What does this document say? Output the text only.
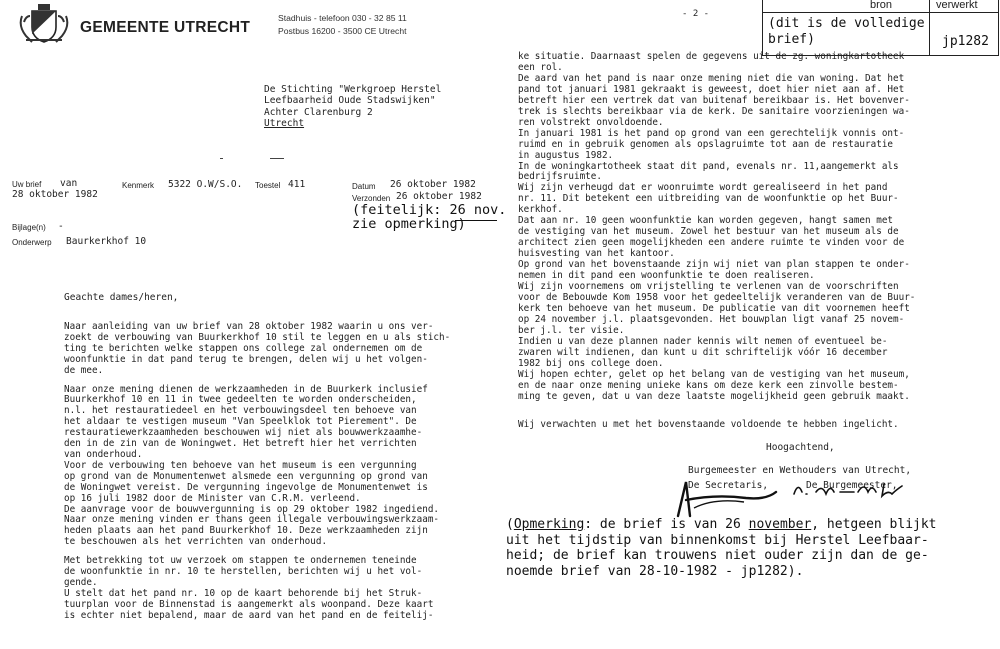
GEMEENTE UTRECHT
Stadhuis - telefoon 030 - 32 85 11
Postbus 16200 - 3500 CE Utrecht
- 2 -
bron	verwerkt
(dit is de volledige
brief)	jp1282
De Stichting "Werkgroep Herstel
Leefbaarheid Oude Stadswijken"
Achter Clarenburg 2
Utrecht
Uw brief van
28 oktober 1982
Kenmerk 5322 O.W/S.O. Toestel 411	Datum 26 oktober 1982
Verzonden 26 oktober 1982
(feitelijk: 26 nov.
zie opmerking)
Bijlage(n) -
Onderwerp Baurkerkhof 10
Geachte dames/heren,
Naar aanleiding van uw brief van 28 oktober 1982 waarin u ons ver-
zoekt de verbouwing van Buurkerkhof 10 stil te leggen en u als stich-
ting te berichten welke stappen ons college zal ondernemen om de
woonfunktie in dat pand terug te brengen, delen wij u het volgen-
de mee.
Naar onze mening dienen de werkzaamheden in de Buurkerk inclusief
Buurkerkhof 10 en 11 in twee gedeelten te worden onderscheiden,
n.l. het restauratiedeel en het verbouwingsdeel ten behoeve van
het aldaar te vestigen museum "Van Speelklok tot Pierement". De
restauratiewerkzaamheden beschouwen wij niet als bouwwerkzaamhe-
den in de zin van de Woningwet. Het betreft hier het verrichten
van onderhoud.
Voor de verbouwing ten behoeve van het museum is een vergunning
op grond van de Monumentenwet alsmede een vergunning op grond van
de Woningwet vereist. De vergunning ingevolge de Monumentenwet is
op 16 juli 1982 door de Minister van C.R.M. verleend.
De aanvrage voor de bouwvergunning is op 29 oktober 1982 ingediend.
Naar onze mening vinden er thans geen illegale verbouwingswerkzaam-
heden plaats aan het pand Buurkerkhof 10. Deze werkzaamheden zijn
te beschouwen als het verrichten van onderhoud.
Met betrekking tot uw verzoek om stappen te ondernemen teneinde
de woonfunktie in nr. 10 te herstellen, berichten wij u het vol-
gende.
U stelt dat het pand nr. 10 op de kaart behorende bij het Struk-
tuurplan voor de Binnenstad is aangemerkt als woonpand. Deze kaart
is echter niet bepalend, maar de aard van het pand en de feitelij-
ke situatie. Daarnaast spelen de gegevens uit de zg. woningkartotheek
een rol.
De aard van het pand is naar onze mening niet die van woning. Dat het
pand tot januari 1981 gekraakt is geweest, doet hier niet aan af. Het
betreft hier een vertrek dat van buitenaf bereikbaar is. Het bovenver-
trek is slechts bereikbaar via de kerk. De sanitaire voorzieningen wa-
ren volstrekt onvoldoende.
In januari 1981 is het pand op grond van een gerechtelijk vonnis ont-
ruimd en in gebruik genomen als opslagruimte tot aan de restauratie
in augustus 1982.
In de woningkartotheek staat dit pand, evenals nr. 11,aangemerkt als
bedrijfsruimte.
Wij zijn verheugd dat er woonruimte wordt gerealiseerd in het pand
nr. 11. Dit betekent een uitbreiding van de woonfunktie op het Buur-
kerkhof.
Dat aan nr. 10 geen woonfunktie kan worden gegeven, hangt samen met
de vestiging van het museum. Zowel het bestuur van het museum als de
architect zien geen mogelijkheden een andere ruimte te vinden voor de
huisvesting van het kantoor.
Op grond van het bovenstaande zijn wij niet van plan stappen te onder-
nemen in dit pand een woonfunktie te doen realiseren.
Wij zijn voornemens om vrijstelling te verlenen van de voorschriften
voor de Bebouwde Kom 1958 voor het gedeeltelijk veranderen van de Buur-
kerk ten behoeve van het museum. De publicatie van dit voornemen heeft
op 24 november j.l. plaatsgevonden. Het bouwplan ligt vanaf 25 novem-
ber j.l. ter visie.
Indien u van deze plannen nader kennis wilt nemen of eventueel be-
zwaren wilt indienen, dan kunt u dit schriftelijk vóór 16 december
1982 bij ons college doen.
Wij hopen echter, gelet op het belang van de vestiging van het museum,
en de naar onze mening unieke kans om deze kerk een zinvolle bestem-
ming te geven, dat u van deze laatste mogelijkheid geen gebruik maakt.
Wij verwachten u met het bovenstaande voldoende te hebben ingelicht.
Hoogachtend,
Burgemeester en Wethouders van Utrecht,
De Secretaris,	De Burgemeester,
(Opmerking: de brief is van 26 november, hetgeen blijkt
uit het tijdstip van binnenkomst bij Herstel Leefbaar-
heid; de brief kan trouwens niet ouder zijn dan de ge-
noemde brief van 28-10-1982 - jp1282).
